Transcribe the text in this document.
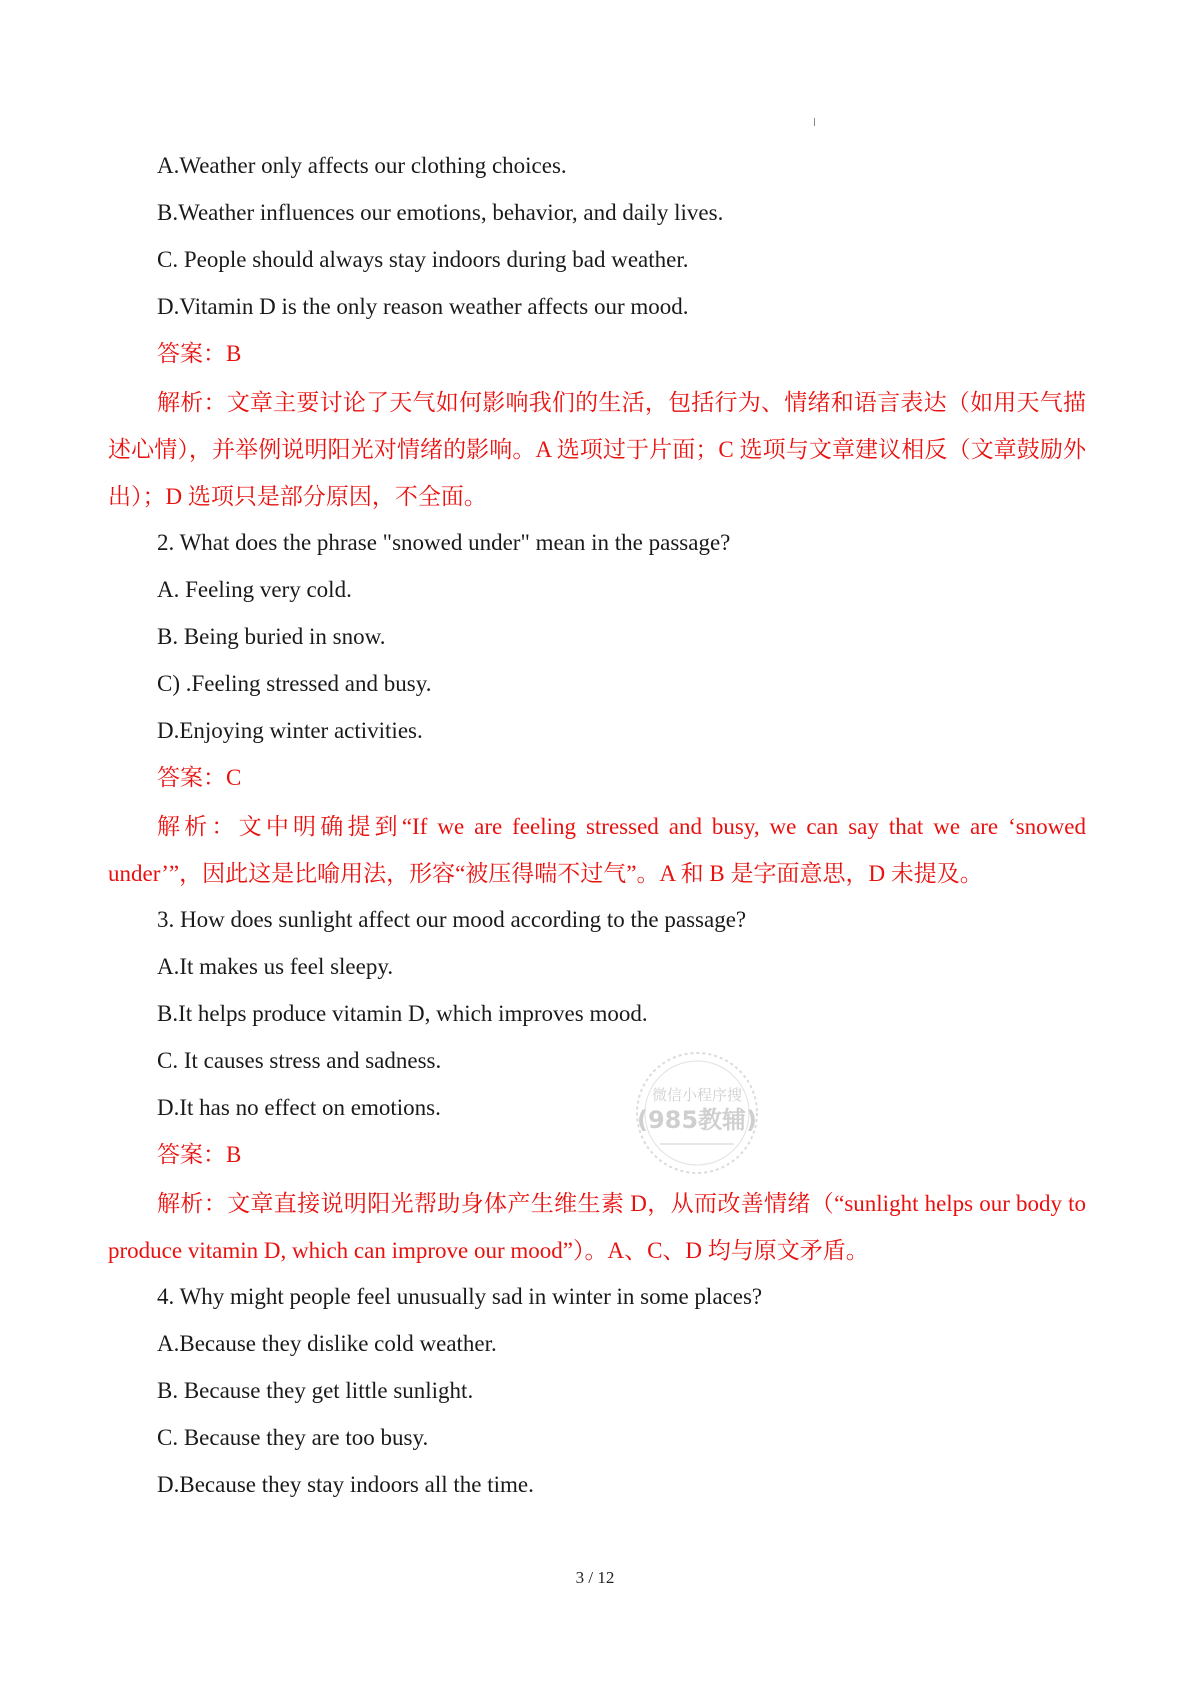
A.Weather only affects our clothing choices.
B.Weather influences our emotions, behavior, and daily lives.
C. People should always stay indoors during bad weather.
D.Vitamin D is the only reason weather affects our mood.
答案：B
解析：文章主要讨论了天气如何影响我们的生活，包括行为、情绪和语言表达（如用天气描述心情），并举例说明阳光对情绪的影响。A 选项过于片面；C 选项与文章建议相反（文章鼓励外出）；D 选项只是部分原因，不全面。
2. What does the phrase "snowed under" mean in the passage?
A. Feeling very cold.
B. Being buried in snow.
C) .Feeling stressed and busy.
D.Enjoying winter activities.
答案：C
解析：文中明确提到“If we are feeling stressed and busy, we can say that we are ‘snowed under’”，因此这是比喻用法，形容“被压得喘不过气”。A 和 B 是字面意思，D 未提及。
3. How does sunlight affect our mood according to the passage?
A.It makes us feel sleepy.
B.It helps produce vitamin D, which improves mood.
C. It causes stress and sadness.
D.It has no effect on emotions.
答案：B
解析：文章直接说明阳光帮助身体产生维生素 D，从而改善情绪（“sunlight helps our body to produce vitamin D, which can improve our mood”）。A、C、D 均与原文矛盾。
4. Why might people feel unusually sad in winter in some places?
A.Because they dislike cold weather.
B. Because they get little sunlight.
C. Because they are too busy.
D.Because they stay indoors all the time.
微信小程序搜
(985教辅)
3 / 12
